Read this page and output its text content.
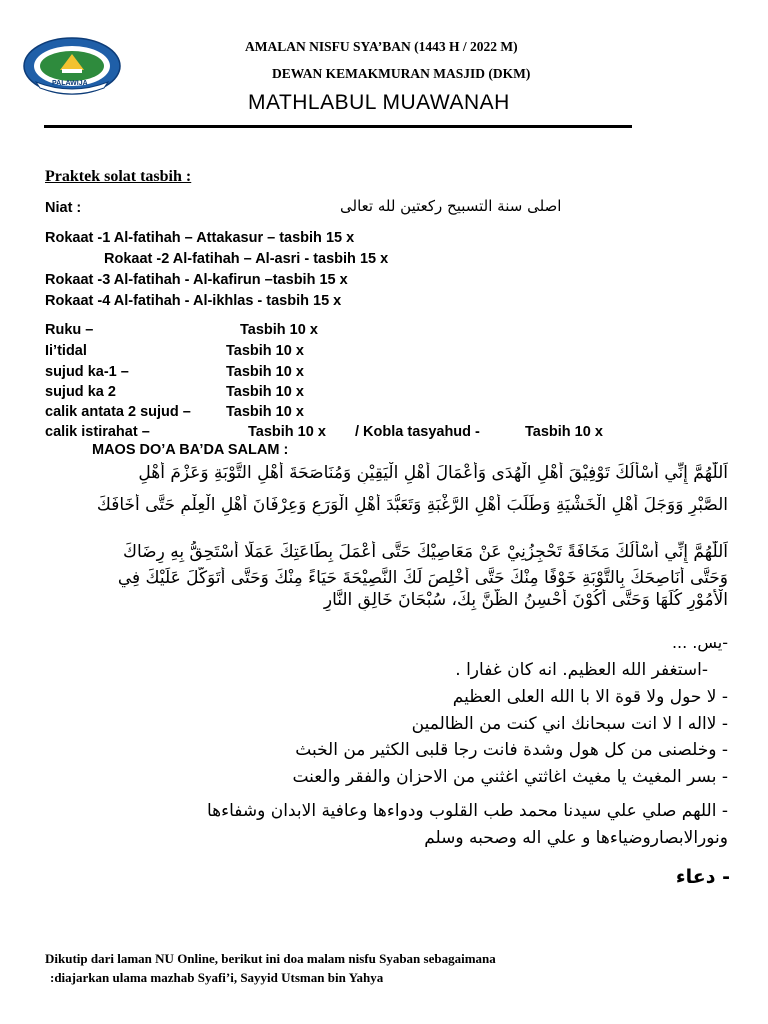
PALAWIJA
AMALAN NISFU SYA’BAN (1443 H / 2022 M)
DEWAN KEMAKMURAN MASJID (DKM)
MATHLABUL MUAWANAH
Praktek solat tasbih :
Niat :	اصلى سنة التسبيح ركعتين لله تعالى
Rokaat -1 Al-fatihah – Attakasur – tasbih 15 x
Rokaat -2 Al-fatihah – Al-asri - tasbih 15 x
Rokaat -3 Al-fatihah - Al-kafirun –tasbih 15 x
Rokaat -4 Al-fatihah - Al-ikhlas - tasbih 15 x
Ruku –	Tasbih 10 x
Ii’tidal	Tasbih 10 x
sujud ka-1 –	Tasbih 10 x
sujud ka 2	Tasbih 10 x
calik antata 2 sujud – Tasbih 10 x
calik istirahat –	Tasbih 10 x / Kobla tasyahud -	Tasbih 10 x
MAOS DO’A BA’DA SALAM :
اَللّٰهُمَّ إِنِّي أَسْأَلُكَ تَوْفِيْقَ أَهْلِ الْهُدَى وَأَعْمَالَ أَهْلِ الْيَقِيْنِ وَمُنَاصَحَةَ أَهْلِ التَّوْبَةِ وَعَزْمَ أَهْلِ
الصَّبْرِ وَوَجَلَ أَهْلِ الْخَشْيَةِ وَطَلَبَ أَهْلِ الرَّغْبَةِ وَتَعَبُّدَ أَهْلِ الْوَرَعِ وَعِرْفَانَ أَهْلِ الْعِلْمِ حَتَّى أَخَافَكَ
اَللّٰهُمَّ إِنِّي أَسْأَلُكَ مَخَافَةً تَحْجِزُنِيْ عَنْ مَعَاصِيْكَ حَتَّى أَعْمَلَ بِطَاعَتِكَ عَمَلًا أَسْتَحِقُّ بِهِ رِضَاكَ
وَحَتَّى أُنَاصِحَكَ بِالتَّوْبَةِ خَوْفًا مِنْكَ حَتَّى أُخْلِصَ لَكَ النَّصِيْحَةَ حَيَاءً مِنْكَ وَحَتَّى أَتَوَكَّلَ عَلَيْكَ فِي
الْأُمُوْرِ كُلِّهَا وَحَتَّى أَكُوْنَ أُحْسِنُ الظَّنَّ بِكَ، سُبْحَانَ خَالِقِ النَّارِ
-يس. ...
-استغفر الله العظيم. انه كان غفارا .
- لا حول ولا قوة الا با الله العلى العظيم
- لااله ا لا انت سبحانك اني كنت من الظالمين
- وخلصنى من كل هول وشدة فانت رجا قلبى الكثير من الخبث
- بسر المغيث يا مغيث اغاثتي اغثني من الاحزان والفقر والعنت
- اللهم صلي علي سيدنا محمد طب القلوب ودواءها وعافية الابدان وشفاءها
ونورالابصاروضياءها و علي اله وصحبه وسلم
- دعاء
Dikutip dari laman NU Online, berikut ini doa malam nisfu Syaban sebagaimana
:diajarkan ulama mazhab Syafi’i, Sayyid Utsman bin Yahya
